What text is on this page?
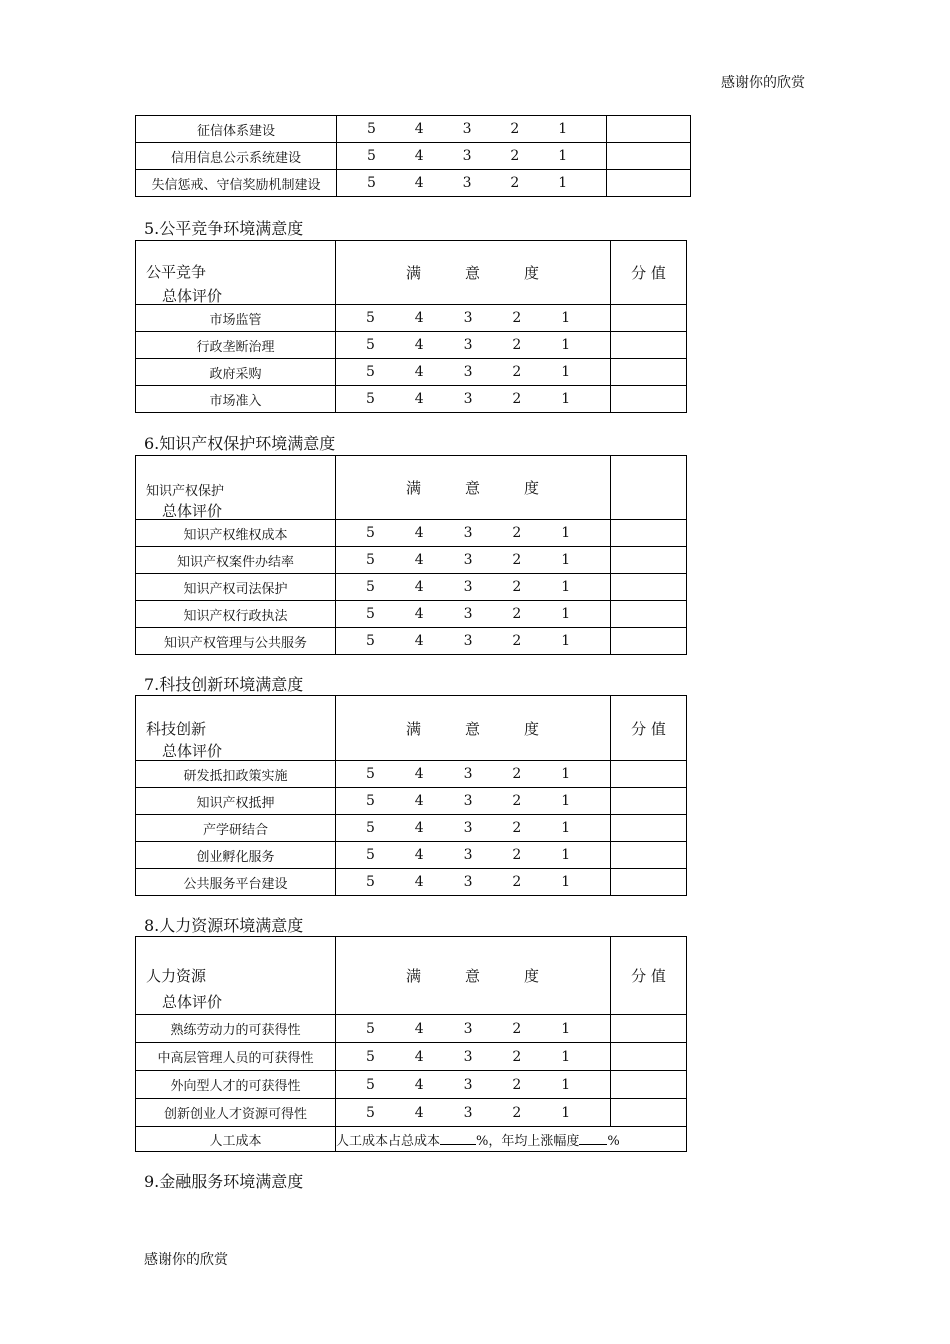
感谢你的欣赏
征信体系建设	5 4 3 2 1	

信用信息公示系统建设	5 4 3 2 1	

失信惩戒、守信奖励机制建设	5 4 3 2 1	

5.公平竞争环境满意度
公平竞争
总体评价	满 意 度	分 值
市场监管	5 4 3 2 1	

行政垄断治理	5 4 3 2 1	

政府采购	5 4 3 2 1	

市场准入	5 4 3 2 1	

6.知识产权保护环境满意度
知识产权保护
总体评价	满 意 度	

知识产权维权成本	5 4 3 2 1	

知识产权案件办结率	5 4 3 2 1	

知识产权司法保护	5 4 3 2 1	

知识产权行政执法	5 4 3 2 1	

知识产权管理与公共服务	5 4 3 2 1	

7.科技创新环境满意度
科技创新
总体评价	满 意 度	分 值
研发抵扣政策实施	5 4 3 2 1	

知识产权抵押	5 4 3 2 1	

产学研结合	5 4 3 2 1	

创业孵化服务	5 4 3 2 1	

公共服务平台建设	5 4 3 2 1	

8.人力资源环境满意度
人力资源
总体评价	满 意 度	分 值
熟练劳动力的可获得性	5 4 3 2 1	

中高层管理人员的可获得性	5 4 3 2 1	

外向型人才的可获得性	5 4 3 2 1	

创新创业人才资源可得性	5 4 3 2 1	

人工成本	人工成本占总成本 %，年均上涨幅度 %	
9.金融服务环境满意度
感谢你的欣赏
